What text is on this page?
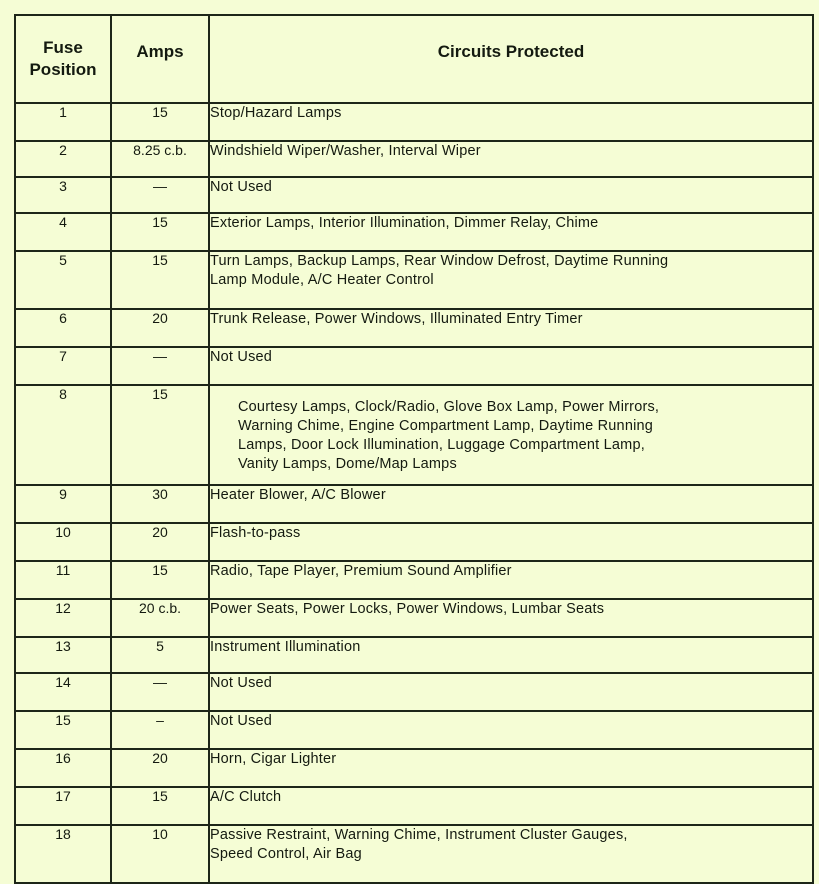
Fuse
Position	Amps	Circuits Protected
1	15	Stop/Hazard Lamps

2	8.25 c.b.	Windshield Wiper/Washer, Interval Wiper

3	—	Not Used

4	15	Exterior Lamps, Interior Illumination, Dimmer Relay, Chime

5	15	Turn Lamps, Backup Lamps, Rear Window Defrost, Daytime Running
Lamp Module, A/C Heater Control

6	20	Trunk Release, Power Windows, Illuminated Entry Timer

7	—	Not Used

8	15	Courtesy Lamps, Clock/Radio, Glove Box Lamp, Power Mirrors,
Warning Chime, Engine Compartment Lamp, Daytime Running
Lamps, Door Lock Illumination, Luggage Compartment Lamp,
Vanity Lamps, Dome/Map Lamps

9	30	Heater Blower, A/C Blower

10	20	Flash-to-pass

11	15	Radio, Tape Player, Premium Sound Amplifier

12	20 c.b.	Power Seats, Power Locks, Power Windows, Lumbar Seats

13	5	Instrument Illumination

14	—	Not Used

15	–	Not Used

16	20	Horn, Cigar Lighter

17	15	A/C Clutch

18	10	Passive Restraint, Warning Chime, Instrument Cluster Gauges,
Speed Control, Air Bag
